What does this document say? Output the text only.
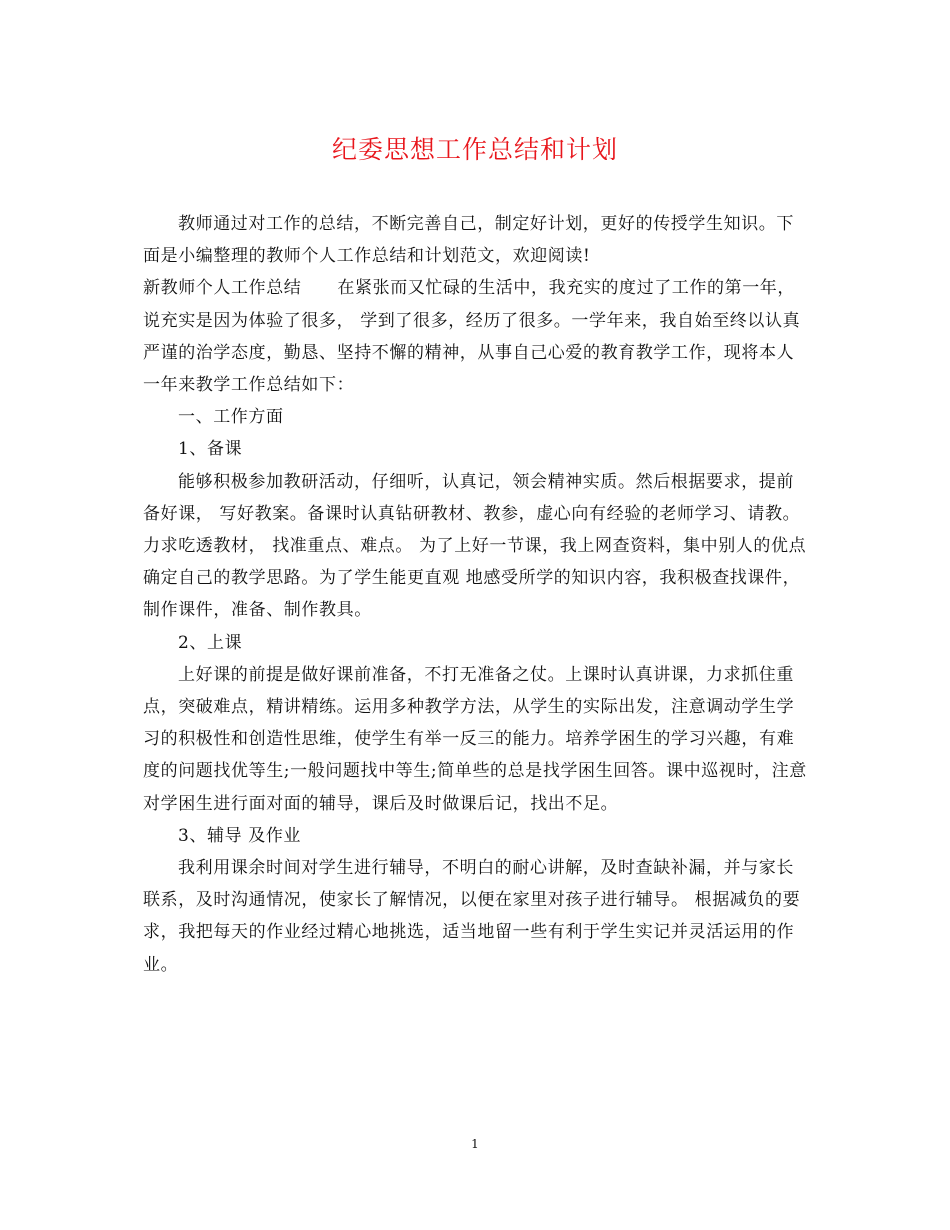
纪委思想工作总结和计划

教师通过对工作的总结，不断完善自己，制定好计划，更好的传授学生知识。下面是小编整理的教师个人工作总结和计划范文，欢迎阅读!

新教师个人工作总结 在紧张而又忙碌的生活中，我充实的度过了工作的第一年，说充实是因为体验了很多， 学到了很多，经历了很多。一学年来，我自始至终以认真严谨的治学态度，勤恳、坚持不懈的精神，从事自己心爱的教育教学工作，现将本人一年来教学工作总结如下：

一、工作方面

1、备课

能够积极参加教研活动，仔细听，认真记，领会精神实质。然后根据要求，提前备好课， 写好教案。备课时认真钻研教材、教参，虚心向有经验的老师学习、请教。力求吃透教材， 找准重点、难点。 为了上好一节课，我上网查资料，集中别人的优点确定自己的教学思路。为了学生能更直观 地感受所学的知识内容，我积极查找课件，制作课件，准备、制作教具。

2、上课

上好课的前提是做好课前准备，不打无准备之仗。上课时认真讲课，力求抓住重点，突破难点，精讲精练。运用多种教学方法，从学生的实际出发，注意调动学生学习的积极性和创造性思维，使学生有举一反三的能力。培养学困生的学习兴趣，有难度的问题找优等生;一般问题找中等生;简单些的总是找学困生回答。课中巡视时，注意对学困生进行面对面的辅导，课后及时做课后记，找出不足。

3、辅导 及作业

我利用课余时间对学生进行辅导，不明白的耐心讲解，及时查缺补漏，并与家长联系，及时沟通情况，使家长了解情况，以便在家里对孩子进行辅导。 根据减负的要求，我把每天的作业经过精心地挑选，适当地留一些有利于学生实记并灵活运用的作业。

1
